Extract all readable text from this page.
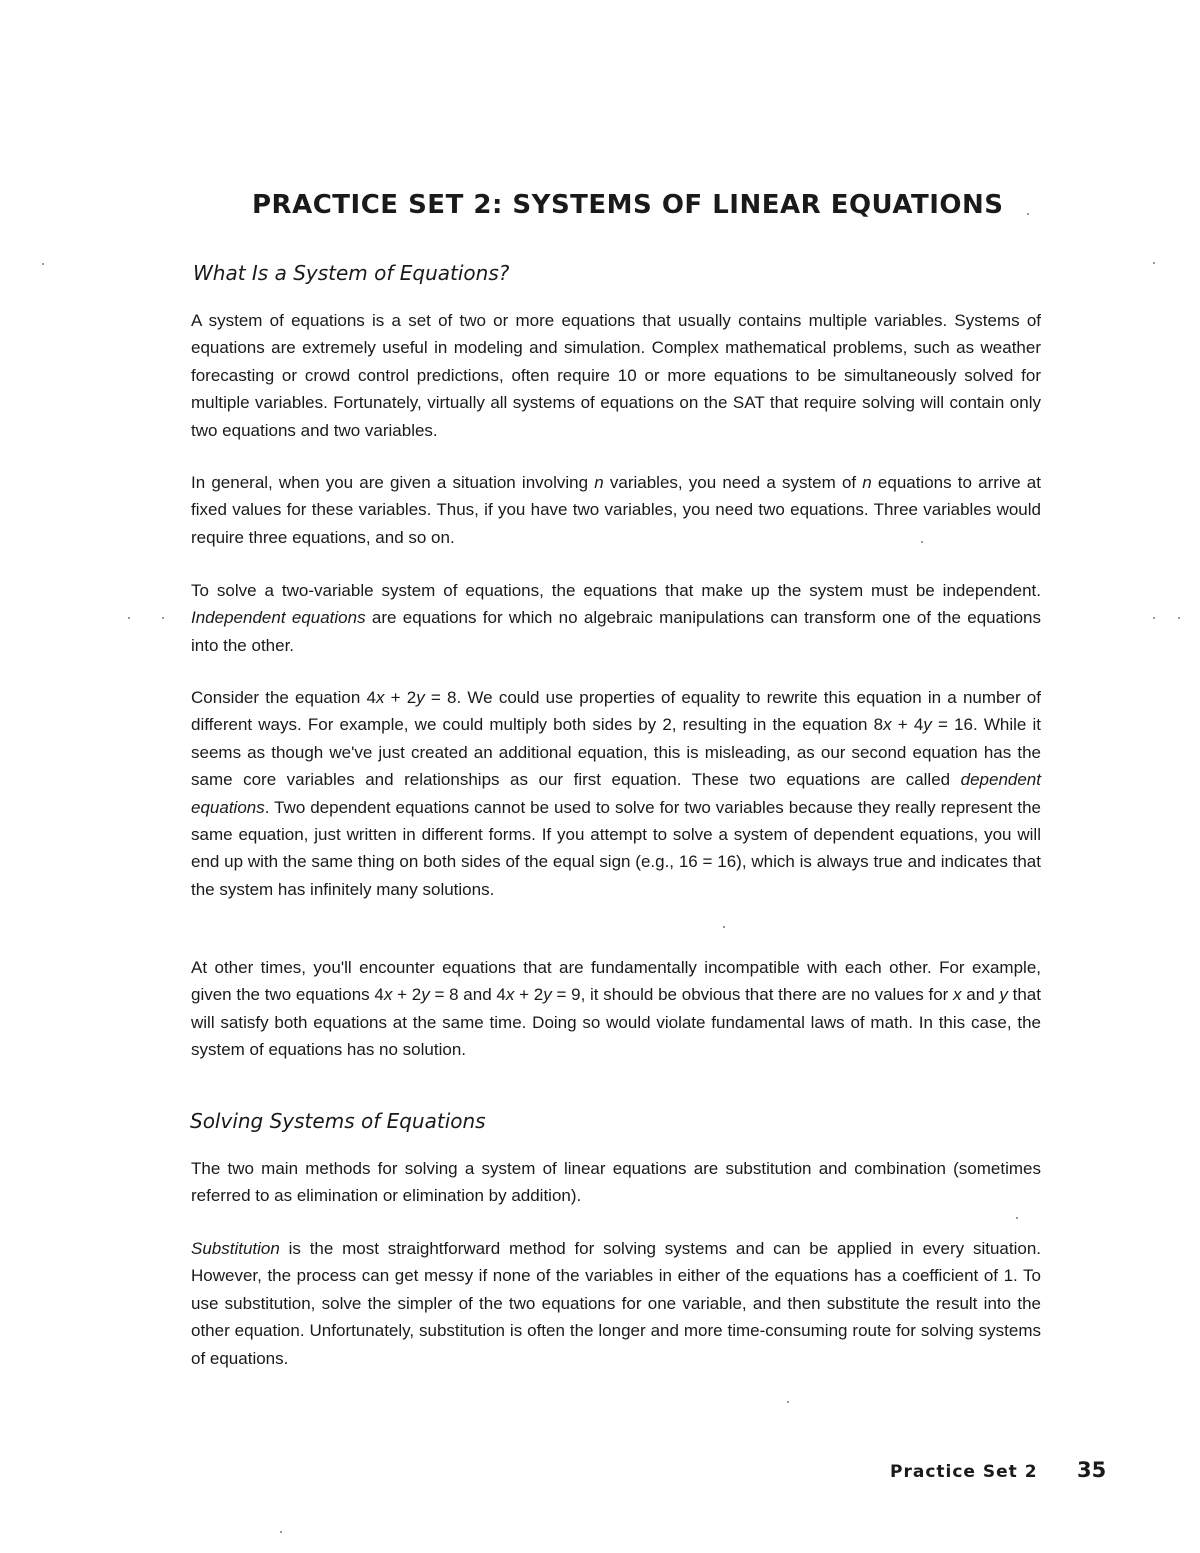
PRACTICE SET 2: SYSTEMS OF LINEAR EQUATIONS
What Is a System of Equations?

A system of equations is a set of two or more equations that usually contains multiple variables. Systems of equations are extremely useful in modeling and simulation. Complex mathematical problems, such as weather forecasting or crowd control predictions, often require 10 or more equations to be simultaneously solved for multiple variables. Fortunately, virtually all systems of equations on the SAT that require solving will contain only two equations and two variables.

In general, when you are given a situation involving n variables, you need a system of n equations to arrive at fixed values for these variables. Thus, if you have two variables, you need two equations. Three variables would require three equations, and so on.

To solve a two-variable system of equations, the equations that make up the system must be independent. Independent equations are equations for which no algebraic manipulations can transform one of the equations into the other.

Consider the equation 4x + 2y = 8. We could use properties of equality to rewrite this equation in a number of different ways. For example, we could multiply both sides by 2, resulting in the equation 8x + 4y = 16. While it seems as though we've just created an additional equation, this is misleading, as our second equation has the same core variables and relationships as our first equation. These two equations are called dependent equations. Two dependent equations cannot be used to solve for two variables because they really represent the same equation, just written in different forms. If you attempt to solve a system of dependent equations, you will end up with the same thing on both sides of the equal sign (e.g., 16 = 16), which is always true and indicates that the system has infinitely many solutions.

At other times, you'll encounter equations that are fundamentally incompatible with each other. For example, given the two equations 4x + 2y = 8 and 4x + 2y = 9, it should be obvious that there are no values for x and y that will satisfy both equations at the same time. Doing so would violate fundamental laws of math. In this case, the system of equations has no solution.

Solving Systems of Equations

The two main methods for solving a system of linear equations are substitution and combination (sometimes referred to as elimination or elimination by addition).

Substitution is the most straightforward method for solving systems and can be applied in every situation. However, the process can get messy if none of the variables in either of the equations has a coefficient of 1. To use substitution, solve the simpler of the two equations for one variable, and then substitute the result into the other equation. Unfortunately, substitution is often the longer and more time-consuming route for solving systems of equations.

Practice Set 2 35
